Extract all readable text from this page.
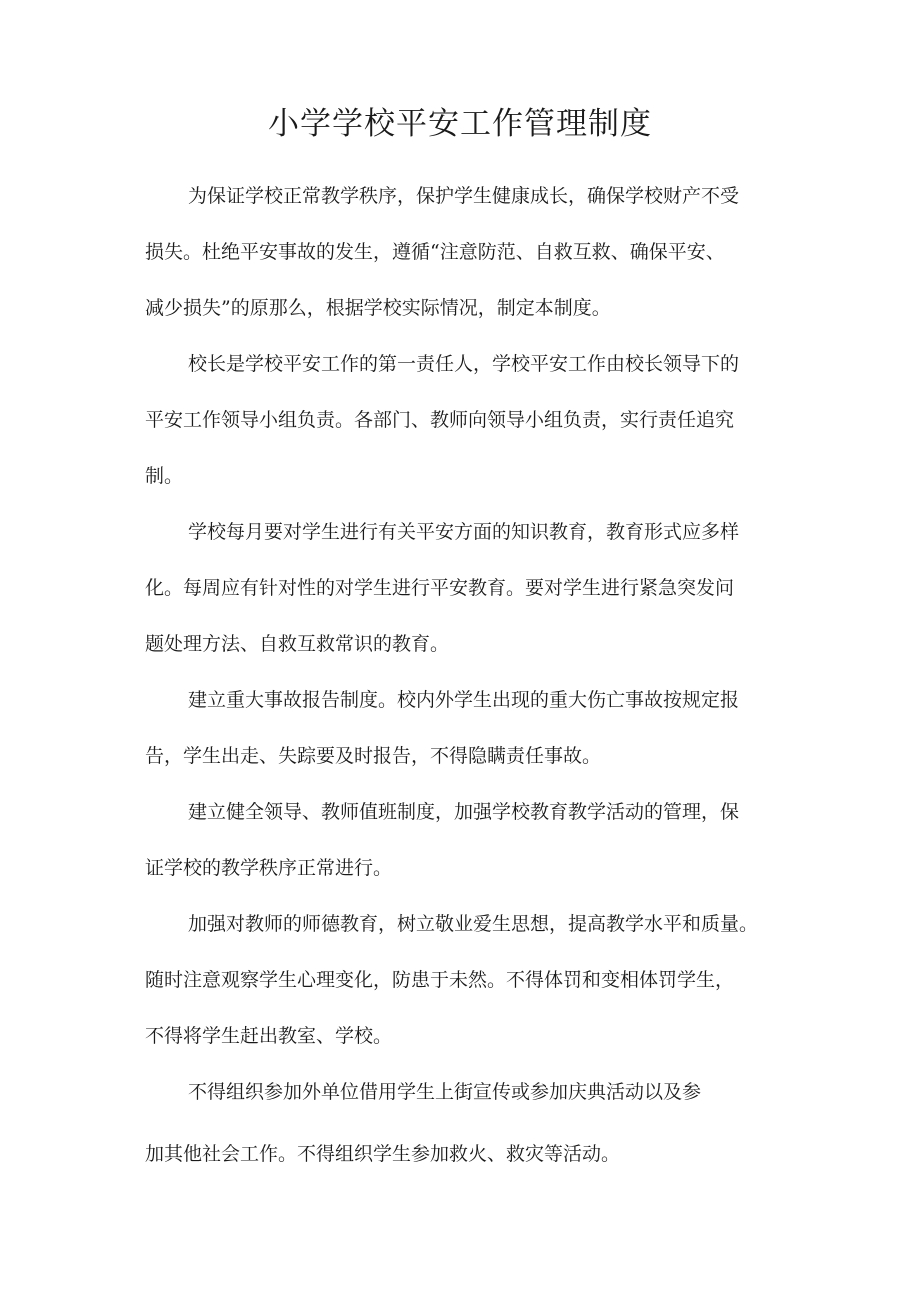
小学学校平安工作管理制度

为保证学校正常教学秩序，保护学生健康成长，确保学校财产不受

损失。杜绝平安事故的发生，遵循“注意防范、自救互救、确保平安、

减少损失”的原那么，根据学校实际情况，制定本制度。

校长是学校平安工作的第一责任人，学校平安工作由校长领导下的

平安工作领导小组负责。各部门、教师向领导小组负责，实行责任追究

制。

学校每月要对学生进行有关平安方面的知识教育，教育形式应多样

化。每周应有针对性的对学生进行平安教育。要对学生进行紧急突发问

题处理方法、自救互救常识的教育。

建立重大事故报告制度。校内外学生出现的重大伤亡事故按规定报

告，学生出走、失踪要及时报告，不得隐瞒责任事故。

建立健全领导、教师值班制度，加强学校教育教学活动的管理，保

证学校的教学秩序正常进行。

加强对教师的师德教育，树立敬业爱生思想，提高教学水平和质量。

随时注意观察学生心理变化，防患于未然。不得体罚和变相体罚学生，

不得将学生赶出教室、学校。

不得组织参加外单位借用学生上街宣传或参加庆典活动以及参

加其他社会工作。不得组织学生参加救火、救灾等活动。
